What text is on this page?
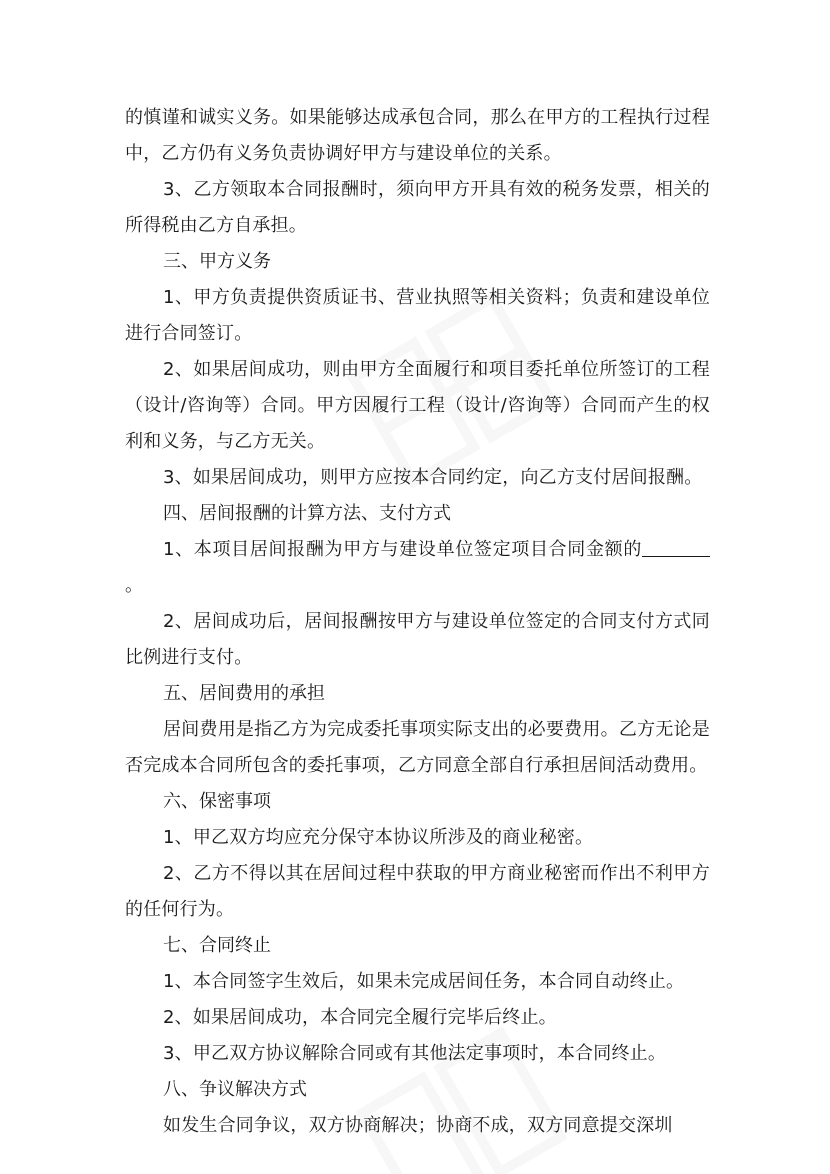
的慎谨和诚实义务。如果能够达成承包合同，那么在甲方的工程执行过程中，乙方仍有义务负责协调好甲方与建设单位的关系。

3、乙方领取本合同报酬时，须向甲方开具有效的税务发票，相关的所得税由乙方自承担。

三、甲方义务

1、甲方负责提供资质证书、营业执照等相关资料；负责和建设单位进行合同签订。

2、如果居间成功，则由甲方全面履行和项目委托单位所签订的工程（设计/咨询等）合同。甲方因履行工程（设计/咨询等）合同而产生的权利和义务，与乙方无关。

3、如果居间成功，则甲方应按本合同约定，向乙方支付居间报酬。

四、居间报酬的计算方法、支付方式

1、本项目居间报酬为甲方与建设单位签定项目合同金额的。

2、居间成功后，居间报酬按甲方与建设单位签定的合同支付方式同比例进行支付。

五、居间费用的承担

居间费用是指乙方为完成委托事项实际支出的必要费用。乙方无论是否完成本合同所包含的委托事项，乙方同意全部自行承担居间活动费用。

六、保密事项

1、甲乙双方均应充分保守本协议所涉及的商业秘密。

2、乙方不得以其在居间过程中获取的甲方商业秘密而作出不利甲方的任何行为。

七、合同终止

1、本合同签字生效后，如果未完成居间任务，本合同自动终止。

2、如果居间成功，本合同完全履行完毕后终止。

3、甲乙双方协议解除合同或有其他法定事项时，本合同终止。

八、争议解决方式

如发生合同争议，双方协商解决；协商不成，双方同意提交深圳
